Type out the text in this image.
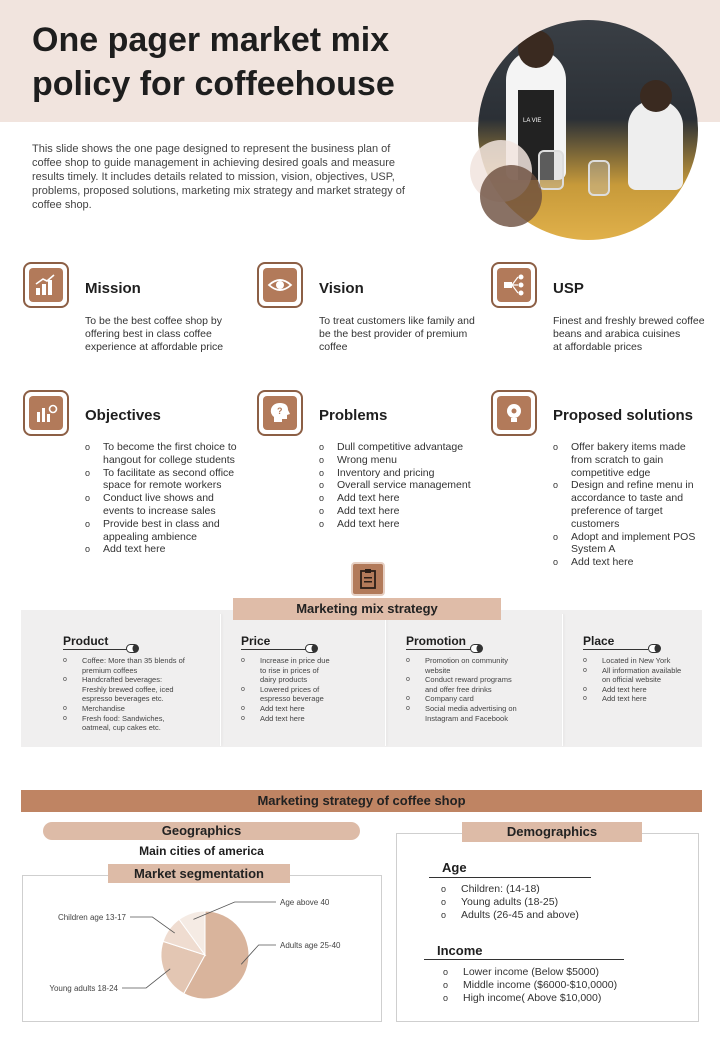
One pager market mix
policy for coffeehouse
LA VIE
This slide shows the one page designed to represent the business plan of coffee shop to guide management in achieving desired goals and measure results timely. It includes details related to mission, vision, objectives, USP, problems, proposed solutions, marketing mix strategy and market strategy of coffee shop.
Mission
To be the best coffee shop by offering best in class coffee experience at affordable price
Vision
To treat customers like family and be the best provider of premium coffee
USP
Finest and freshly brewed coffee beans and arabica cuisines
at affordable prices
Objectives
o To become the first choice to hangout for college students
o To facilitate as second office space for remote workers
o Conduct live shows and events to increase sales
o Provide best in class and appealing ambience
o Add text here
? Problems
o Dull competitive advantage
o Wrong menu
o Inventory and pricing
o Overall service management
o Add text here
o Add text here
o Add text here
Proposed solutions
o Offer bakery items made from scratch to gain competitive edge
o Design and refine menu in accordance to taste and preference of target customers
o Adopt and implement POS System A
o Add text here
Marketing mix strategy
Product
o Coffee: More than 35 blends of premium coffees
o Handcrafted beverages: Freshly brewed coffee, iced espresso beverages etc.
o Merchandise
o Fresh food: Sandwiches, oatmeal, cup cakes etc.
Price
o Increase in price due to rise in prices of dairy products
o Lowered prices of espresso beverage
o Add text here
o Add text here
Promotion
o Promotion on community website
o Conduct reward programs and offer free drinks
o Company card
o Social media advertising on Instagram and Facebook
Place
o Located in New York
o All information available on official website
o Add text here
o Add text here
Marketing strategy of coffee shop
Geographics
Main cities of america
Adults age 25-40
Young adults 18-24
Children age 13-17
Age above 40
Market segmentation
Demographics
Age
o Children: (14-18)
o Young adults (18-25)
o Adults (26-45 and above)
Income
o Lower income (Below $5000)
o Middle income ($6000-$10,0000)
o High income( Above $10,000)
